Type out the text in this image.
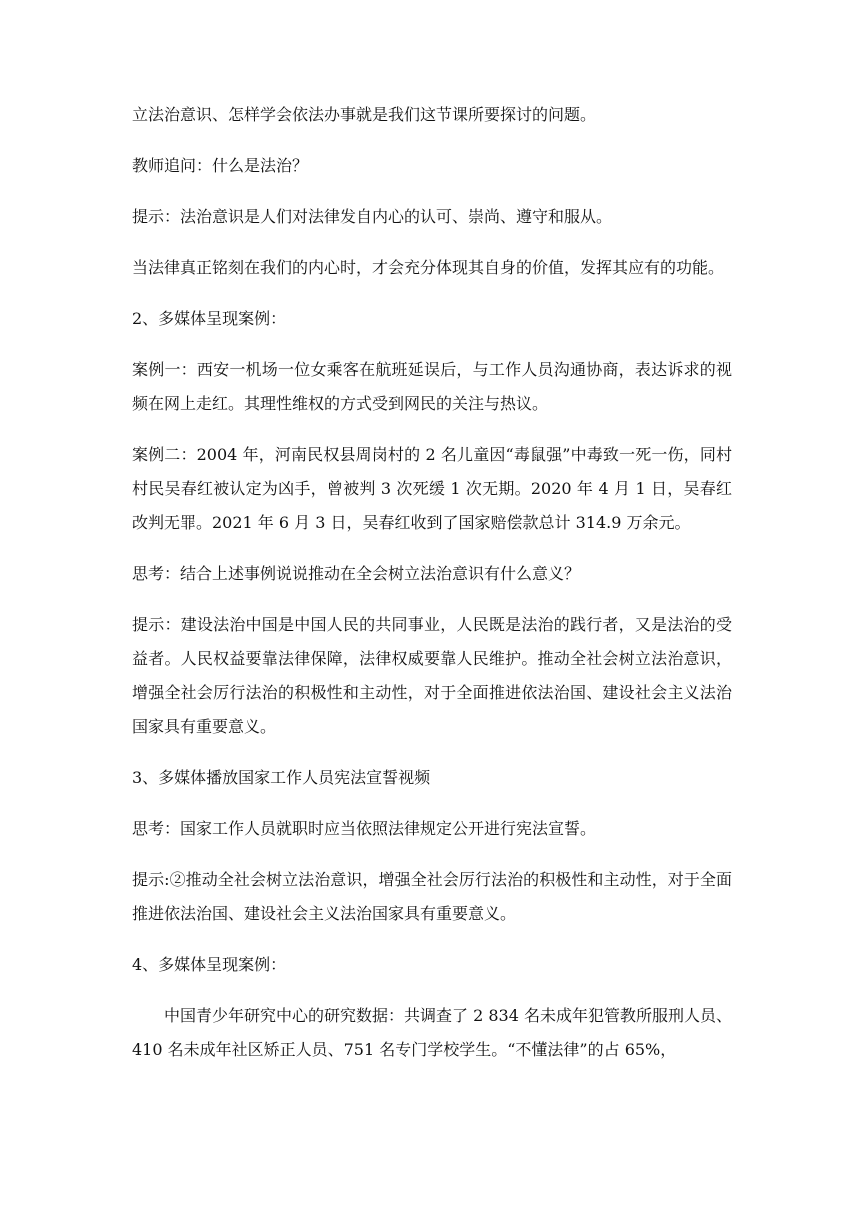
立法治意识、怎样学会依法办事就是我们这节课所要探讨的问题。

教师追问：什么是法治？

提示：法治意识是人们对法律发自内心的认可、崇尚、遵守和服从。

当法律真正铭刻在我们的内心时，才会充分体现其自身的价值，发挥其应有的功能。

2、多媒体呈现案例：

案例一：西安一机场一位女乘客在航班延误后，与工作人员沟通协商，表达诉求的视频在网上走红。其理性维权的方式受到网民的关注与热议。

案例二：2004 年，河南民权县周岗村的 2 名儿童因“毒鼠强”中毒致一死一伤，同村村民吴春红被认定为凶手，曾被判 3 次死缓 1 次无期。2020 年 4 月 1 日，吴春红改判无罪。2021 年 6 月 3 日，吴春红收到了国家赔偿款总计 314.9 万余元。

思考：结合上述事例说说推动在全会树立法治意识有什么意义？

提示：建设法治中国是中国人民的共同事业，人民既是法治的践行者，又是法治的受益者。人民权益要靠法律保障，法律权威要靠人民维护。推动全社会树立法治意识，增强全社会厉行法治的积极性和主动性，对于全面推进依法治国、建设社会主义法治国家具有重要意义。

3、多媒体播放国家工作人员宪法宣誓视频

思考：国家工作人员就职时应当依照法律规定公开进行宪法宣誓。

提示:②推动全社会树立法治意识，增强全社会厉行法治的积极性和主动性，对于全面推进依法治国、建设社会主义法治国家具有重要意义。

4、多媒体呈现案例：

中国青少年研究中心的研究数据：共调查了 2 834 名未成年犯管教所服刑人员、410 名未成年社区矫正人员、751 名专门学校学生。“不懂法律”的占 65%，
